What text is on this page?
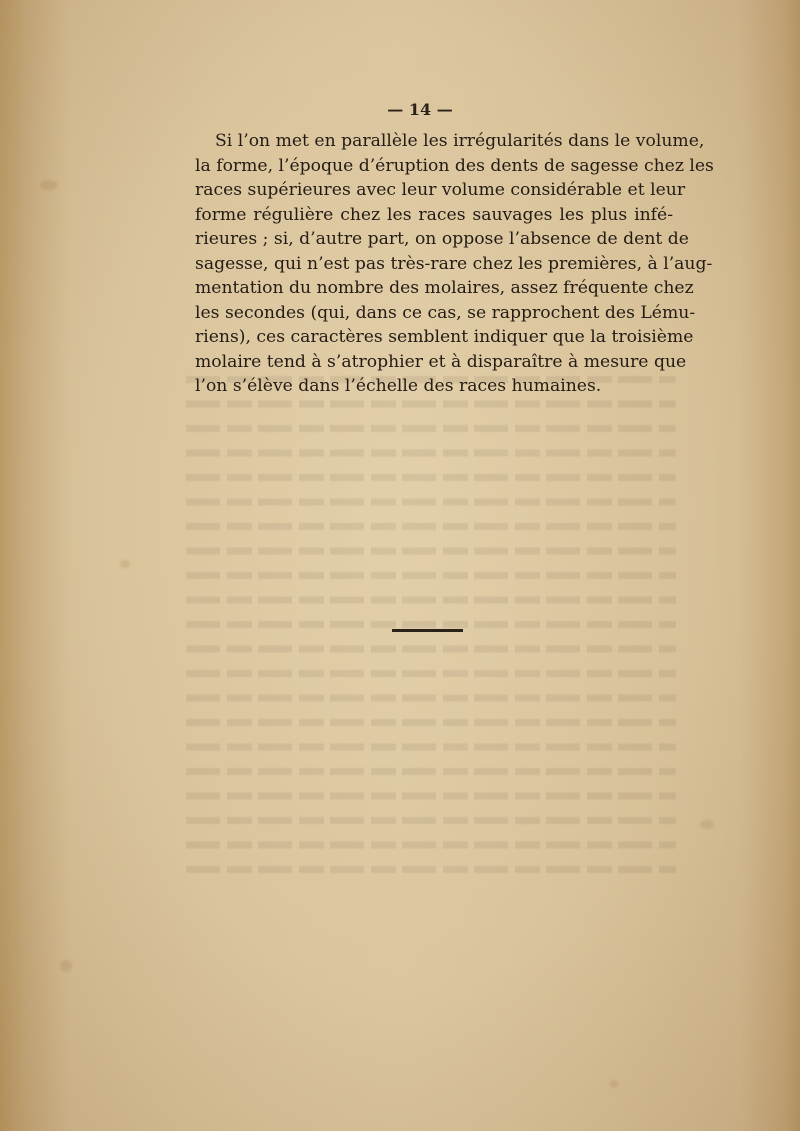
— 14 —
Si l’on met en parallèle les irrégularités dans le volume,
la forme, l’époque d’éruption des dents de sagesse chez les
races supérieures avec leur volume considérable et leur
forme régulière chez les races sauvages les plus infé-
rieures ; si, d’autre part, on oppose l’absence de dent de
sagesse, qui n’est pas très-rare chez les premières, à l’aug-
mentation du nombre des molaires, assez fréquente chez
les secondes (qui, dans ce cas, se rapprochent des Lému-
riens), ces caractères semblent indiquer que la troisième
molaire tend à s’atrophier et à disparaître à mesure que
l’on s’élève dans l’échelle des races humaines.
